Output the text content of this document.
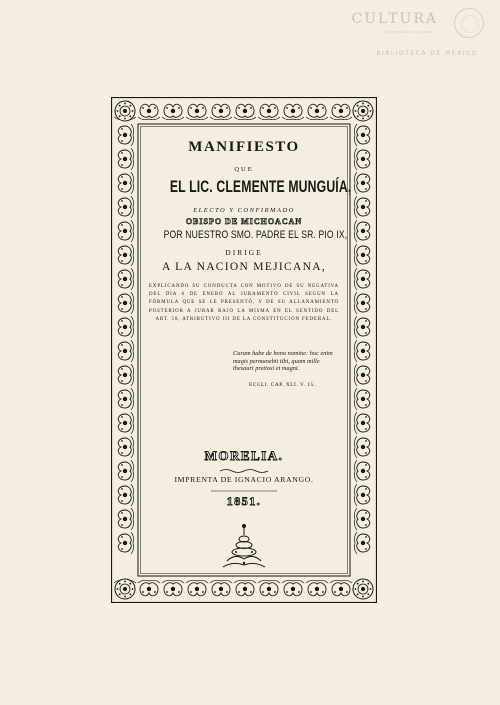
CULTURA
SECRETARÍA DE CULTURA
BIBLIOTECA DE MÉXICO
MANIFIESTO
QUE
EL LIC. CLEMENTE MUNGUÍA,
ELECTO Y CONFIRMADO
OBISPO DE MICHOACAN
POR NUESTRO SMO. PADRE EL SR. PIO IX,
DIRIGE
A LA NACION MEJICANA,
EXPLICANDO SU CONDUCTA CON MOTIVO DE SU NEGATIVA DEL DIA 6 DE ENERO AL JURAMENTO CIVIL SEGUN LA FÓRMULA QUE SE LE PRESENTÓ, Y DE SU ALLANAMIENTO POSTERIOR A JURAR BAJO LA MISMA EN EL SENTIDO DEL ART. 50, ATRIBUTIVO III DE LA CONSTITUCION FEDERAL.
Curam habe de bono nomine: hoc enim magis permanebit tibi, quam mille thesauri pretiosi et magni.
ECCLI. CAP. XLI. V. 15.
MORELIA.
IMPRENTA DE IGNACIO ARANGO.
1851.
